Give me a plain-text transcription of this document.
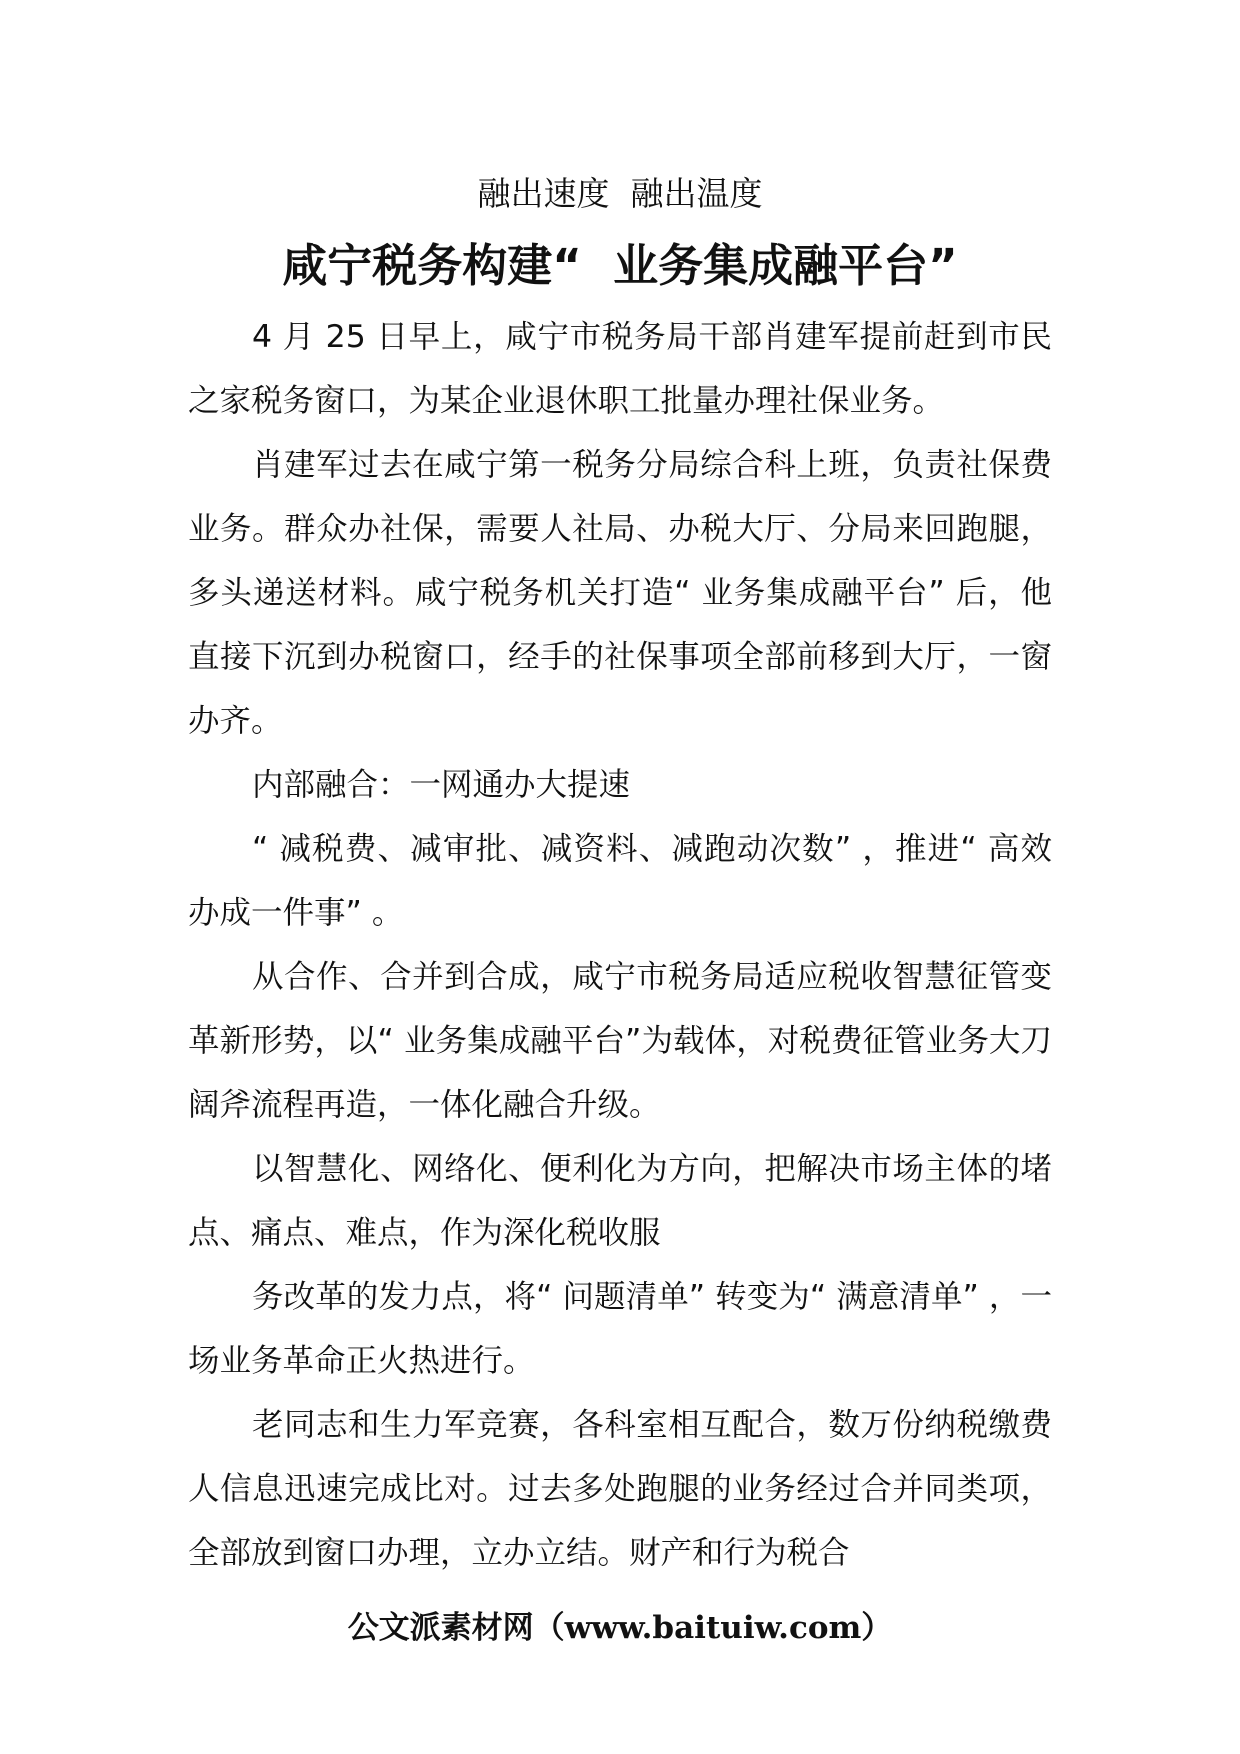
融出速度  融出温度
咸宁税务构建“  业务集成融平台”

4 月 25 日早上，咸宁市税务局干部肖建军提前赶到市民之家税务窗口，为某企业退休职工批量办理社保业务。

肖建军过去在咸宁第一税务分局综合科上班，负责社保费业务。群众办社保，需要人社局、办税大厅、分局来回跑腿，多头递送材料。咸宁税务机关打造“ 业务集成融平台” 后，他直接下沉到办税窗口，经手的社保事项全部前移到大厅，一窗办齐。

内部融合：一网通办大提速

“ 减税费、减审批、减资料、减跑动次数” ，推进“ 高效办成一件事” 。

从合作、合并到合成，咸宁市税务局适应税收智慧征管变革新形势，以“ 业务集成融平台”为载体，对税费征管业务大刀阔斧流程再造，一体化融合升级。

以智慧化、网络化、便利化为方向，把解决市场主体的堵点、痛点、难点，作为深化税收服

务改革的发力点，将“ 问题清单” 转变为“ 满意清单” ，一场业务革命正火热进行。

老同志和生力军竞赛，各科室相互配合，数万份纳税缴费人信息迅速完成比对。过去多处跑腿的业务经过合并同类项，全部放到窗口办理，立办立结。财产和行为税合

公文派素材网（www.baituiw.com）
